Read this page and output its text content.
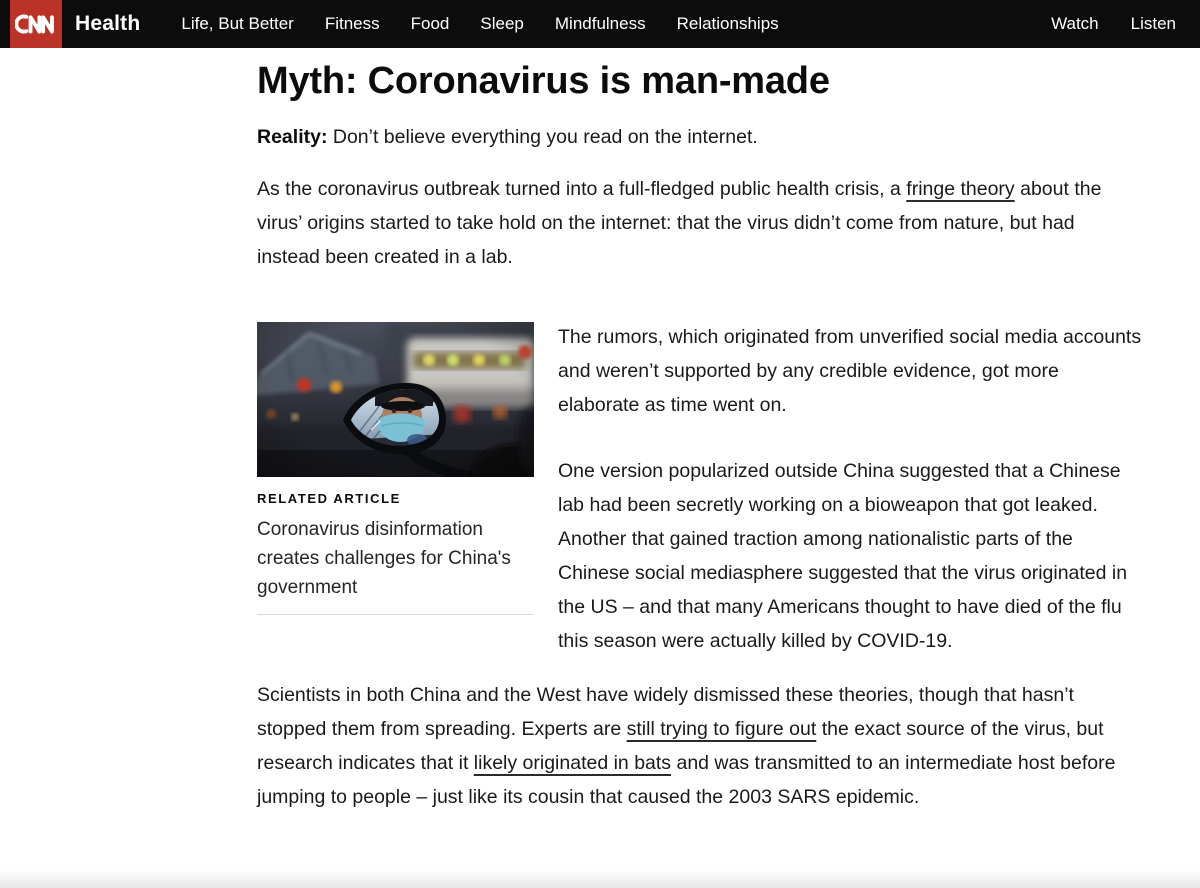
Health Life, But Better Fitness Food Sleep Mindfulness Relationships	Watch Listen
Myth: Coronavirus is man-made

Reality: Don’t believe everything you read on the internet.

As the coronavirus outbreak turned into a full-fledged public health crisis, a fringe theory about the virus’ origins started to take hold on the internet: that the virus didn’t come from nature, but had instead been created in a lab.

RELATED ARTICLE
Coronavirus disinformation creates challenges for China's government

The rumors, which originated from unverified social media accounts and weren’t supported by any credible evidence, got more elaborate as time went on.

One version popularized outside China suggested that a Chinese lab had been secretly working on a bioweapon that got leaked. Another that gained traction among nationalistic parts of the Chinese social mediasphere suggested that the virus originated in the US – and that many Americans thought to have died of the flu this season were actually killed by COVID-19.

Scientists in both China and the West have widely dismissed these theories, though that hasn’t stopped them from spreading. Experts are still trying to figure out the exact source of the virus, but research indicates that it likely originated in bats and was transmitted to an intermediate host before jumping to people – just like its cousin that caused the 2003 SARS epidemic.
